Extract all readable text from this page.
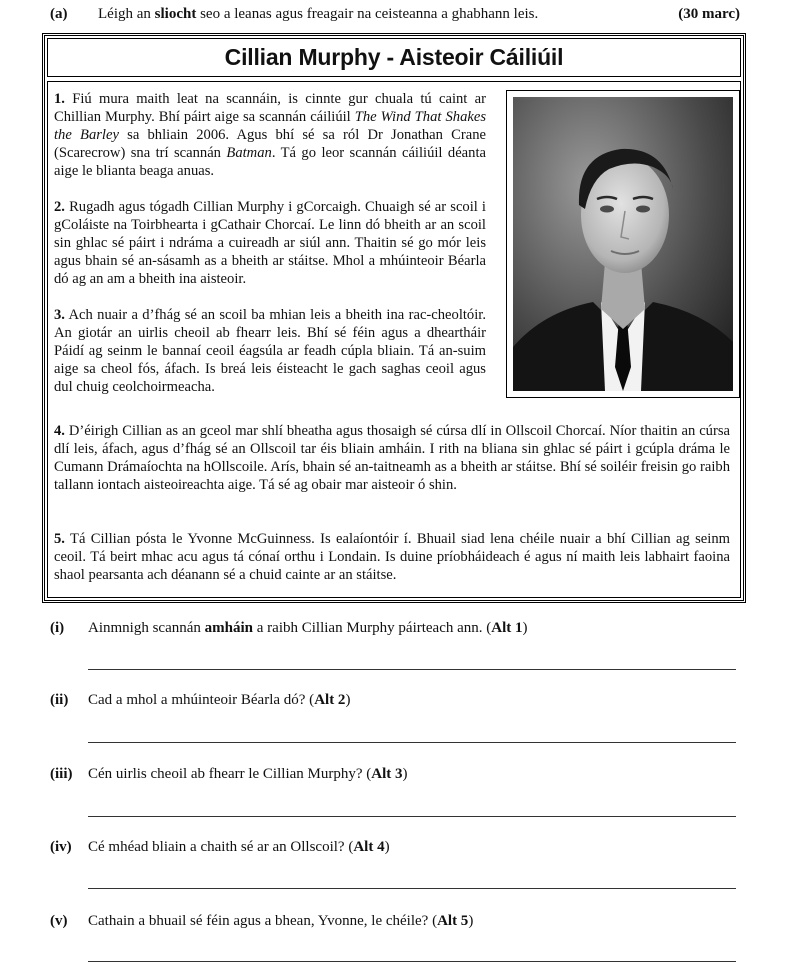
(a) Léigh an sliocht seo a leanas agus freagair na ceisteanna a ghabhann leis.	(30 marc)
Cillian Murphy - Aisteoir Cáiliúil
1. Fiú mura maith leat na scannáin, is cinnte gur chuala tú caint ar Chillian Murphy. Bhí páirt aige sa scannán cáiliúil The Wind That Shakes the Barley sa bhliain 2006. Agus bhí sé sa ról Dr Jonathan Crane (Scarecrow) sna trí scannán Batman. Tá go leor scannán cáiliúil déanta aige le blianta beaga anuas.
2. Rugadh agus tógadh Cillian Murphy i gCorcaigh. Chuaigh sé ar scoil i gColáiste na Toirbhearta i gCathair Chorcaí. Le linn dó bheith ar an scoil sin ghlac sé páirt i ndráma a cuireadh ar siúl ann. Thaitin sé go mór leis agus bhain sé an-sásamh as a bheith ar stáitse. Mhol a mhúinteoir Béarla dó ag an am a bheith ina aisteoir.
3. Ach nuair a d’fhág sé an scoil ba mhian leis a bheith ina rac-cheoltóir. An giotár an uirlis cheoil ab fhearr leis. Bhí sé féin agus a dheartháir Páidí ag seinm le bannaí ceoil éagsúla ar feadh cúpla bliain. Tá an-suim aige sa cheol fós, áfach. Is breá leis éisteacht le gach saghas ceoil agus dul chuig ceolchoirmeacha.
4. D’éirigh Cillian as an gceol mar shlí bheatha agus thosaigh sé cúrsa dlí in Ollscoil Chorcaí. Níor thaitin an cúrsa dlí leis, áfach, agus d’fhág sé an Ollscoil tar éis bliain amháin. I rith na bliana sin ghlac sé páirt i gcúpla dráma le Cumann Drámaíochta na hOllscoile. Arís, bhain sé an-taitneamh as a bheith ar stáitse. Bhí sé soiléir freisin go raibh tallann iontach aisteoireachta aige. Tá sé ag obair mar aisteoir ó shin.
5. Tá Cillian pósta le Yvonne McGuinness. Is ealaíontóir í. Bhuail siad lena chéile nuair a bhí Cillian ag seinm ceoil. Tá beirt mhac acu agus tá cónaí orthu i Londain. Is duine príobháideach é agus ní maith leis labhairt faoina shaol pearsanta ach déanann sé a chuid cainte ar an stáitse.
(i) Ainmnigh scannán amháin a raibh Cillian Murphy páirteach ann. (Alt 1)
(ii) Cad a mhol a mhúinteoir Béarla dó? (Alt 2)
(iii) Cén uirlis cheoil ab fhearr le Cillian Murphy? (Alt 3)
(iv) Cé mhéad bliain a chaith sé ar an Ollscoil? (Alt 4)
(v) Cathain a bhuail sé féin agus a bhean, Yvonne, le chéile? (Alt 5)
